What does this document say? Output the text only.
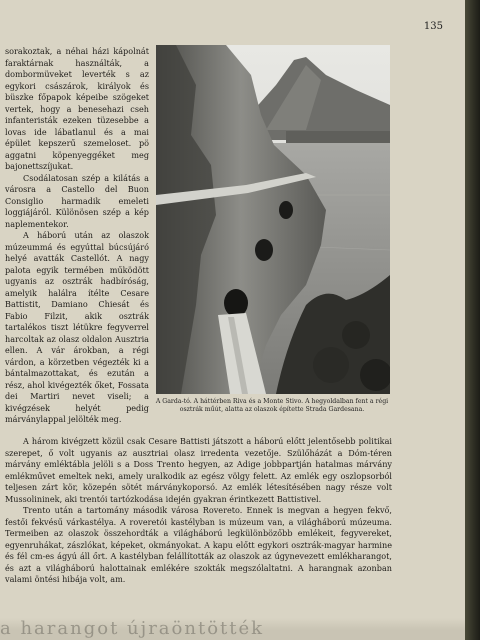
135

sorakoztak, a néhai házi kápolnát faraktárnak használták, a dombormüveket leverték s az egykori császárok, királyok és büszke főpapok képeibe szögeket vertek, hogy a benesehazi cseh infanteristák ezeken tüzesebbe a lovas ide lábatlanul és a mai épület kepszerű szemeloset. pö aggatni köpenyeggéket meg bajonettszíjukat.

Csodálatosan szép a kilátás a városra a Castello del Buon Consiglio harmadik emeleti loggiájáról. Különösen szép a kép naplementekor.

A háború után az olaszok múzeummá és egyúttal búcsújáró helyé avatták Castellót. A nagy palota egyik termében működött ugyanis az osztrák hadbíróság, amelyik halálra ítélte Cesare Battistit, Damiano Chiesát és Fabio Filzit, akik osztrák tartalékos tiszt létükre fegyverrel harcoltak az olasz oldalon Ausztria ellen. A vár árokban, a régi várdon, a körzetben végezték ki a bántalmazottakat, és ezután a rész, ahol kivégezték őket, Fossata dei Martiri nevet viseli; a kivégzések helyét pedig márványlappal jelölték meg.

A Garda-tó. A háttérben Riva és a Monte Stivo. A hegyoldalban fent a régi osztrák műút, alatta az olaszok építette Strada Gardesana.

A három kivégzett közül csak Cesare Battisti játszott a háború előtt jelentősebb politikai szerepet, ő volt ugyanis az ausztriai olasz irredenta vezetője. Szülőházát a Dóm-téren márvány emléktábla jelöli s a Doss Trento hegyen, az Adige jobbpartján hatalmas márvány emlékművet emeltek neki, amely uralkodik az egész völgy felett. Az emlék egy oszlopsorból teljesen zárt kör, közepén sötét márványkoporsó. Az emlék létesítésében nagy része volt Mussolininek, aki trentói tartózkodása idején gyakran érintkezett Battistivel.

Trento után a tartomány második városa Rovereto. Ennek is megvan a hegyen fekvő, festői fekvésű várkastélya. A roveretói kastélyban is múzeum van, a világháború múzeuma. Termeiben az olaszok összehordták a világháború legkülönbözőbb emlékeit, fegyvereket, egyenruhákat, zászlókat, képeket, okmányokat. A kapu előtt egykori osztrák-magyar harmine és fél cm-es ágyú áll őrt. A kastélyban felállították az olaszok az úgynevezett emlékharangot, és azt a világháború halottainak emlékére szokták megszólaltatni. A harangnak azonban valami öntési hibája volt, am.

a harangot újraöntötték
